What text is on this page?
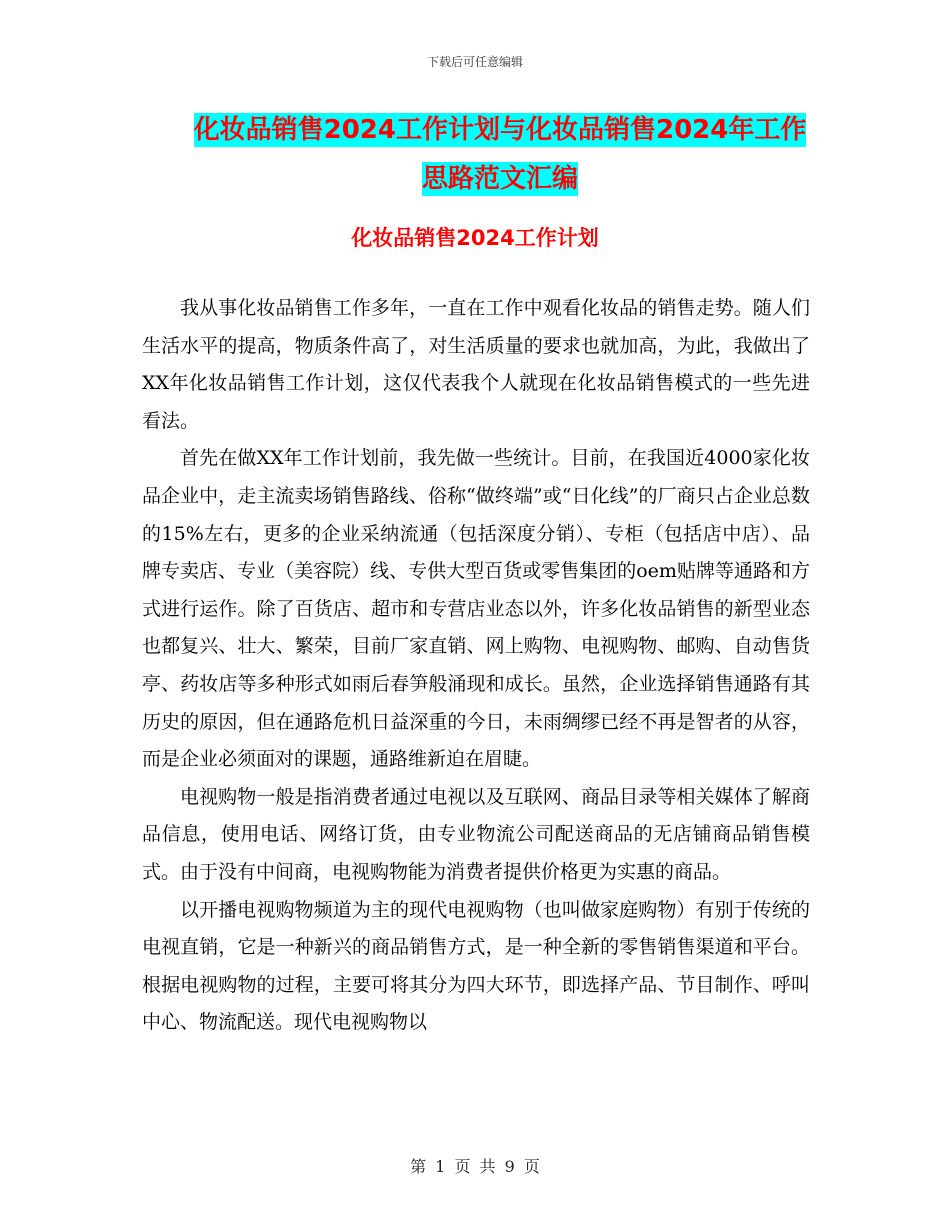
下载后可任意编辑
化妆品销售2024工作计划与化妆品销售2024年工作
思路范文汇编
化妆品销售2024工作计划

我从事化妆品销售工作多年，一直在工作中观看化妆品的销售走势。随人们生活水平的提高，物质条件高了，对生活质量的要求也就加高，为此，我做出了XX年化妆品销售工作计划，这仅代表我个人就现在化妆品销售模式的一些先进看法。

首先在做XX年工作计划前，我先做一些统计。目前，在我国近4000家化妆品企业中，走主流卖场销售路线、俗称“做终端”或“日化线”的厂商只占企业总数的15%左右，更多的企业采纳流通（包括深度分销）、专柜（包括店中店）、品牌专卖店、专业（美容院）线、专供大型百货或零售集团的oem贴牌等通路和方式进行运作。除了百货店、超市和专营店业态以外，许多化妆品销售的新型业态也都复兴、壮大、繁荣，目前厂家直销、网上购物、电视购物、邮购、自动售货亭、药妆店等多种形式如雨后春笋般涌现和成长。虽然，企业选择销售通路有其历史的原因，但在通路危机日益深重的今日，未雨绸缪已经不再是智者的从容，而是企业必须面对的课题，通路维新迫在眉睫。

电视购物一般是指消费者通过电视以及互联网、商品目录等相关媒体了解商品信息，使用电话、网络订货，由专业物流公司配送商品的无店铺商品销售模式。由于没有中间商，电视购物能为消费者提供价格更为实惠的商品。

以开播电视购物频道为主的现代电视购物（也叫做家庭购物）有别于传统的电视直销，它是一种新兴的商品销售方式，是一种全新的零售销售渠道和平台。根据电视购物的过程，主要可将其分为四大环节，即选择产品、节目制作、呼叫中心、物流配送。现代电视购物以

第 1 页 共 9 页
